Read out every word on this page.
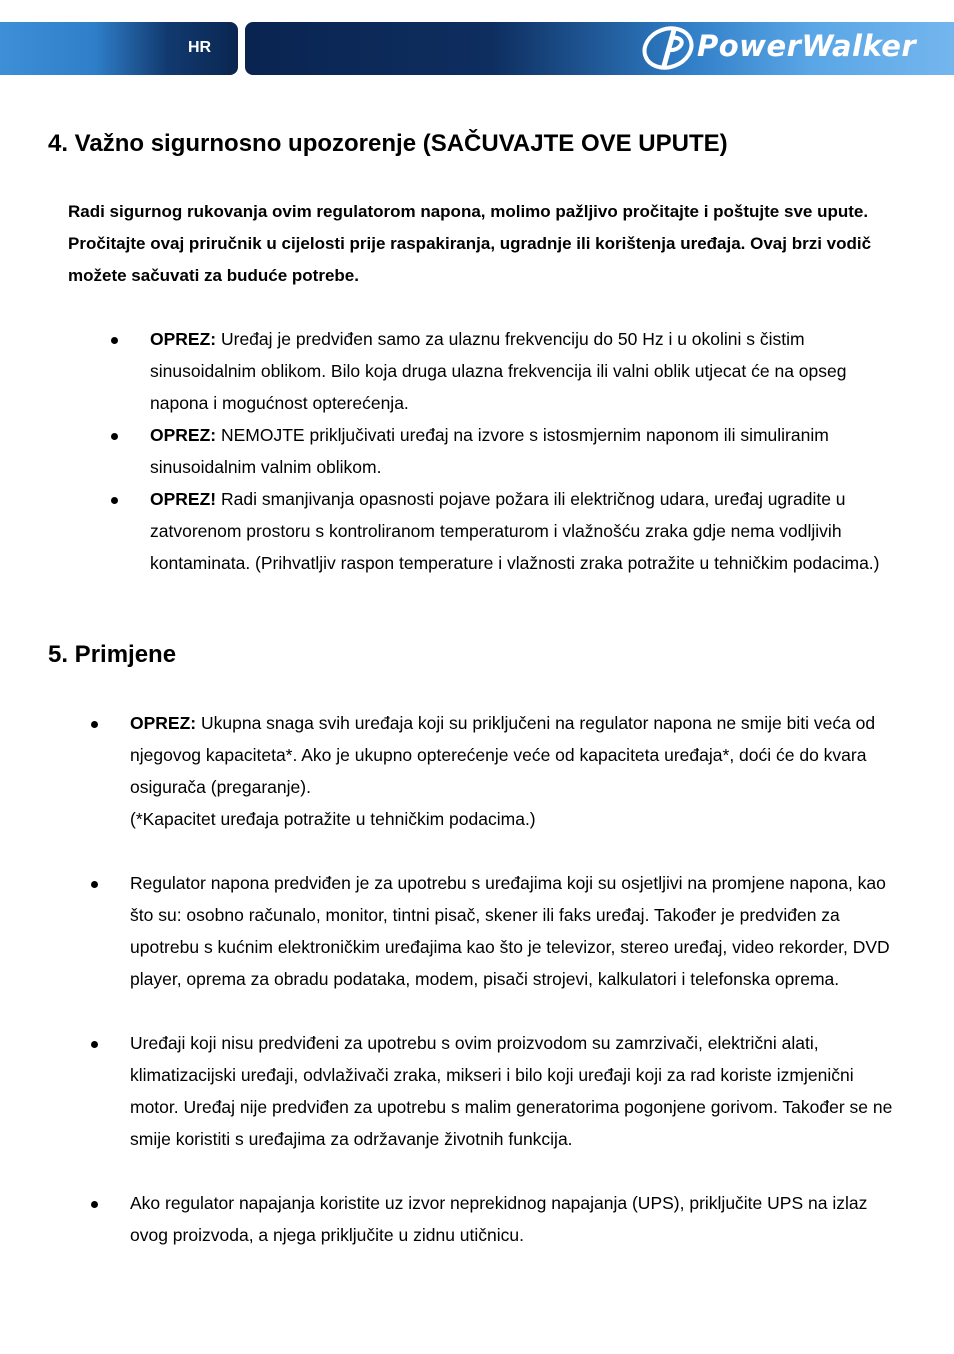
HR	PowerWalker
4. Važno sigurnosno upozorenje (SAČUVAJTE OVE UPUTE)
Radi sigurnog rukovanja ovim regulatorom napona, molimo pažljivo pročitajte i poštujte sve upute. Pročitajte ovaj priručnik u cijelosti prije raspakiranja, ugradnje ili korištenja uređaja. Ovaj brzi vodič možete sačuvati za buduće potrebe.
OPREZ: Uređaj je predviđen samo za ulaznu frekvenciju do 50 Hz i u okolini s čistim sinusoidalnim oblikom. Bilo koja druga ulazna frekvencija ili valni oblik utjecat će na opseg napona i mogućnost opterećenja.
OPREZ: NEMOJTE priključivati uređaj na izvore s istosmjernim naponom ili simuliranim sinusoidalnim valnim oblikom.
OPREZ! Radi smanjivanja opasnosti pojave požara ili električnog udara, uređaj ugradite u zatvorenom prostoru s kontroliranom temperaturom i vlažnošću zraka gdje nema vodljivih kontaminata. (Prihvatljiv raspon temperature i vlažnosti zraka potražite u tehničkim podacima.)
5. Primjene
OPREZ: Ukupna snaga svih uređaja koji su priključeni na regulator napona ne smije biti veća od njegovog kapaciteta*. Ako je ukupno opterećenje veće od kapaciteta uređaja*, doći će do kvara osigurača (pregaranje).
(*Kapacitet uređaja potražite u tehničkim podacima.)
Regulator napona predviđen je za upotrebu s uređajima koji su osjetljivi na promjene napona, kao što su: osobno računalo, monitor, tintni pisač, skener ili faks uređaj. Također je predviđen za upotrebu s kućnim elektroničkim uređajima kao što je televizor, stereo uređaj, video rekorder, DVD player, oprema za obradu podataka, modem, pisači strojevi, kalkulatori i telefonska oprema.
Uređaji koji nisu predviđeni za upotrebu s ovim proizvodom su zamrzivači, električni alati, klimatizacijski uređaji, odvlaživači zraka, mikseri i bilo koji uređaji koji za rad koriste izmjenični motor. Uređaj nije predviđen za upotrebu s malim generatorima pogonjene gorivom. Također se ne smije koristiti s uređajima za održavanje životnih funkcija.
Ako regulator napajanja koristite uz izvor neprekidnog napajanja (UPS), priključite UPS na izlaz ovog proizvoda, a njega priključite u zidnu utičnicu.
